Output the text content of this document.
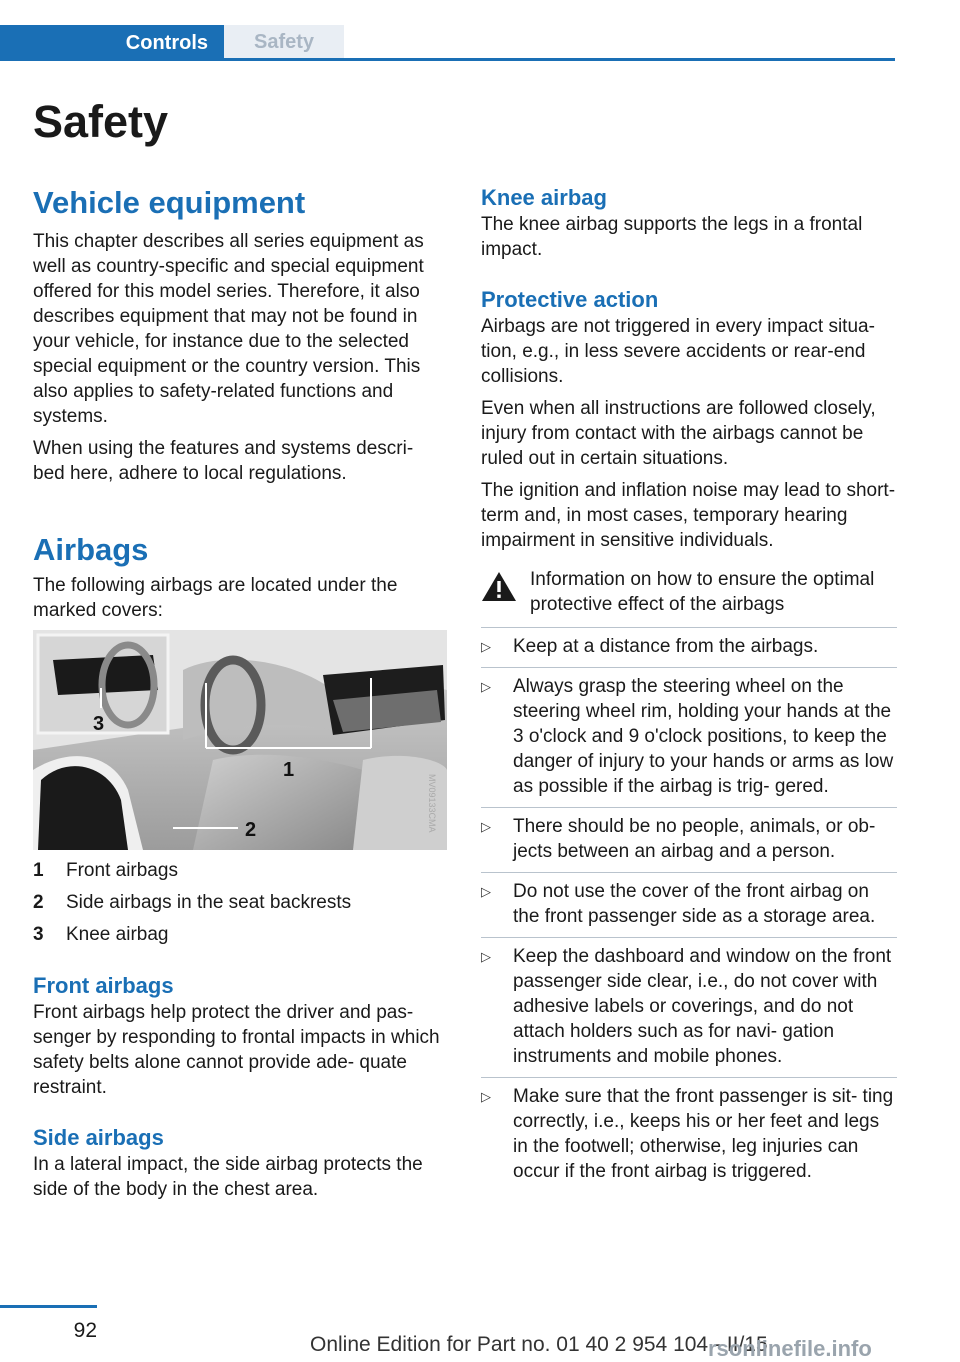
Controls	Safety
Safety
Vehicle equipment

This chapter describes all series equipment as well as country-specific and special equipment offered for this model series. Therefore, it also describes equipment that may not be found in your vehicle, for instance due to the selected special equipment or the country version. This also applies to safety-related functions and systems.

When using the features and systems descri- bed here, adhere to local regulations.

Airbags

The following airbags are located under the marked covers:

3
1
2	MV09133CMA
1	Front airbags
2	Side airbags in the seat backrests
3	Knee airbag
Front airbags

Front airbags help protect the driver and pas- senger by responding to frontal impacts in which safety belts alone cannot provide ade- quate restraint.

Side airbags

In a lateral impact, the side airbag protects the side of the body in the chest area.

Knee airbag

The knee airbag supports the legs in a frontal impact.

Protective action

Airbags are not triggered in every impact situa- tion, e.g., in less severe accidents or rear-end collisions.

Even when all instructions are followed closely, injury from contact with the airbags cannot be ruled out in certain situations.

The ignition and inflation noise may lead to short-term and, in most cases, temporary hearing impairment in sensitive individuals.

Information on how to ensure the optimal protective effect of the airbags

▷	Keep at a distance from the airbags.
▷	Always grasp the steering wheel on the steering wheel rim, holding your hands at the 3 o'clock and 9 o'clock positions, to keep the danger of injury to your hands or arms as low as possible if the airbag is trig- gered.
▷	There should be no people, animals, or ob- jects between an airbag and a person.
▷	Do not use the cover of the front airbag on the front passenger side as a storage area.
▷	Keep the dashboard and window on the front passenger side clear, i.e., do not cover with adhesive labels or coverings, and do not attach holders such as for navi- gation instruments and mobile phones.
▷	Make sure that the front passenger is sit- ting correctly, i.e., keeps his or her feet and legs in the footwell; otherwise, leg injuries can occur if the front airbag is triggered.
92
Online Edition for Part no. 01 40 2 954 104 - II/15
rsonlinefile.info
